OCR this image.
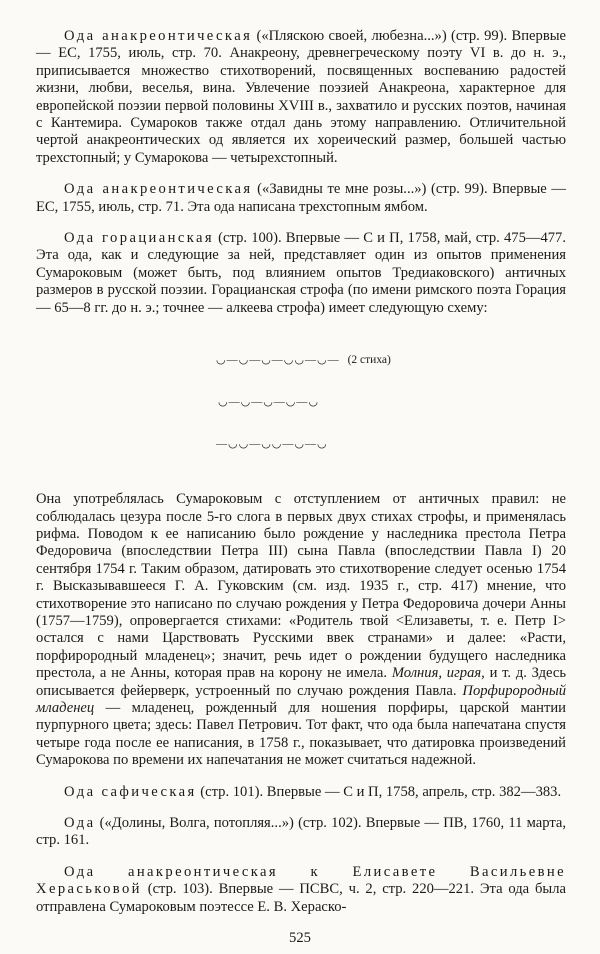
Ода анакреонтическая («Пляскою своей, любезна...») (стр. 99). Впервые — ЕС, 1755, июль, стр. 70. Анакреону, древнегреческому поэту VI в. до н. э., приписывается множество стихотворений, посвященных воспеванию радостей жизни, любви, веселья, вина. Увлечение поэзией Анакреона, характерное для европейской поэзии первой половины XVIII в., захватило и русских поэтов, начиная с Кантемира. Сумароков также отдал дань этому направлению. Отличительной чертой анакреонтических од является их хореический размер, большей частью трехстопный; у Сумарокова — четырехстопный.

Ода анакреонтическая («Завидны те мне розы...») (стр. 99). Впервые — ЕС, 1755, июль, стр. 71. Эта ода написана трехстопным ямбом.

Ода горацианская (стр. 100). Впервые — С и П, 1758, май, стр. 475—477. Эта ода, как и следующие за ней, представляет один из опытов применения Сумароковым (может быть, под влиянием опытов Тредиаковского) античных размеров в русской поэзии. Горацианская строфа (по имени римского поэта Горация — 65—8 гг. до н. э.; точнее — алкеева строфа) имеет следующую схему:

◡—◡—◡—◡◡—◡— (2 стиха)

◡—◡—◡—◡—◡

—◡◡—◡◡—◡—◡

Она употреблялась Сумароковым с отступлением от античных правил: не соблюдалась цезура после 5-го слога в первых двух стихах строфы, и применялась рифма. Поводом к ее написанию было рождение у наследника престола Петра Федоровича (впоследствии Петра III) сына Павла (впоследствии Павла I) 20 сентября 1754 г. Таким образом, датировать это стихотворение следует осенью 1754 г. Высказывавшееся Г. А. Гуковским (см. изд. 1935 г., стр. 417) мнение, что стихотворение это написано по случаю рождения у Петра Федоровича дочери Анны (1757—1759), опровергается стихами: «Родитель твой <Елизаветы, т. е. Петр I> остался с нами Царствовать Русскими ввек странами» и далее: «Расти, порфирородный младенец»; значит, речь идет о рождении будущего наследника престола, а не Анны, которая прав на корону не имела. Молния, играя, и т. д. Здесь описывается фейерверк, устроенный по случаю рождения Павла. Порфирородный младенец — младенец, рожденный для ношения порфиры, царской мантии пурпурного цвета; здесь: Павел Петрович. Тот факт, что ода была напечатана спустя четыре года после ее написания, в 1758 г., показывает, что датировка произведений Сумарокова по времени их напечатания не может считаться надежной.

Ода сафическая (стр. 101). Впервые — С и П, 1758, апрель, стр. 382—383.

Ода («Долины, Волга, потопляя...») (стр. 102). Впервые — ПВ, 1760, 11 марта, стр. 161.

Ода анакреонтическая к Елисавете Васильевне Хераськовой (стр. 103). Впервые — ПСВС, ч. 2, стр. 220—221. Эта ода была отправлена Сумароковым поэтессе Е. В. Хераско-

525
